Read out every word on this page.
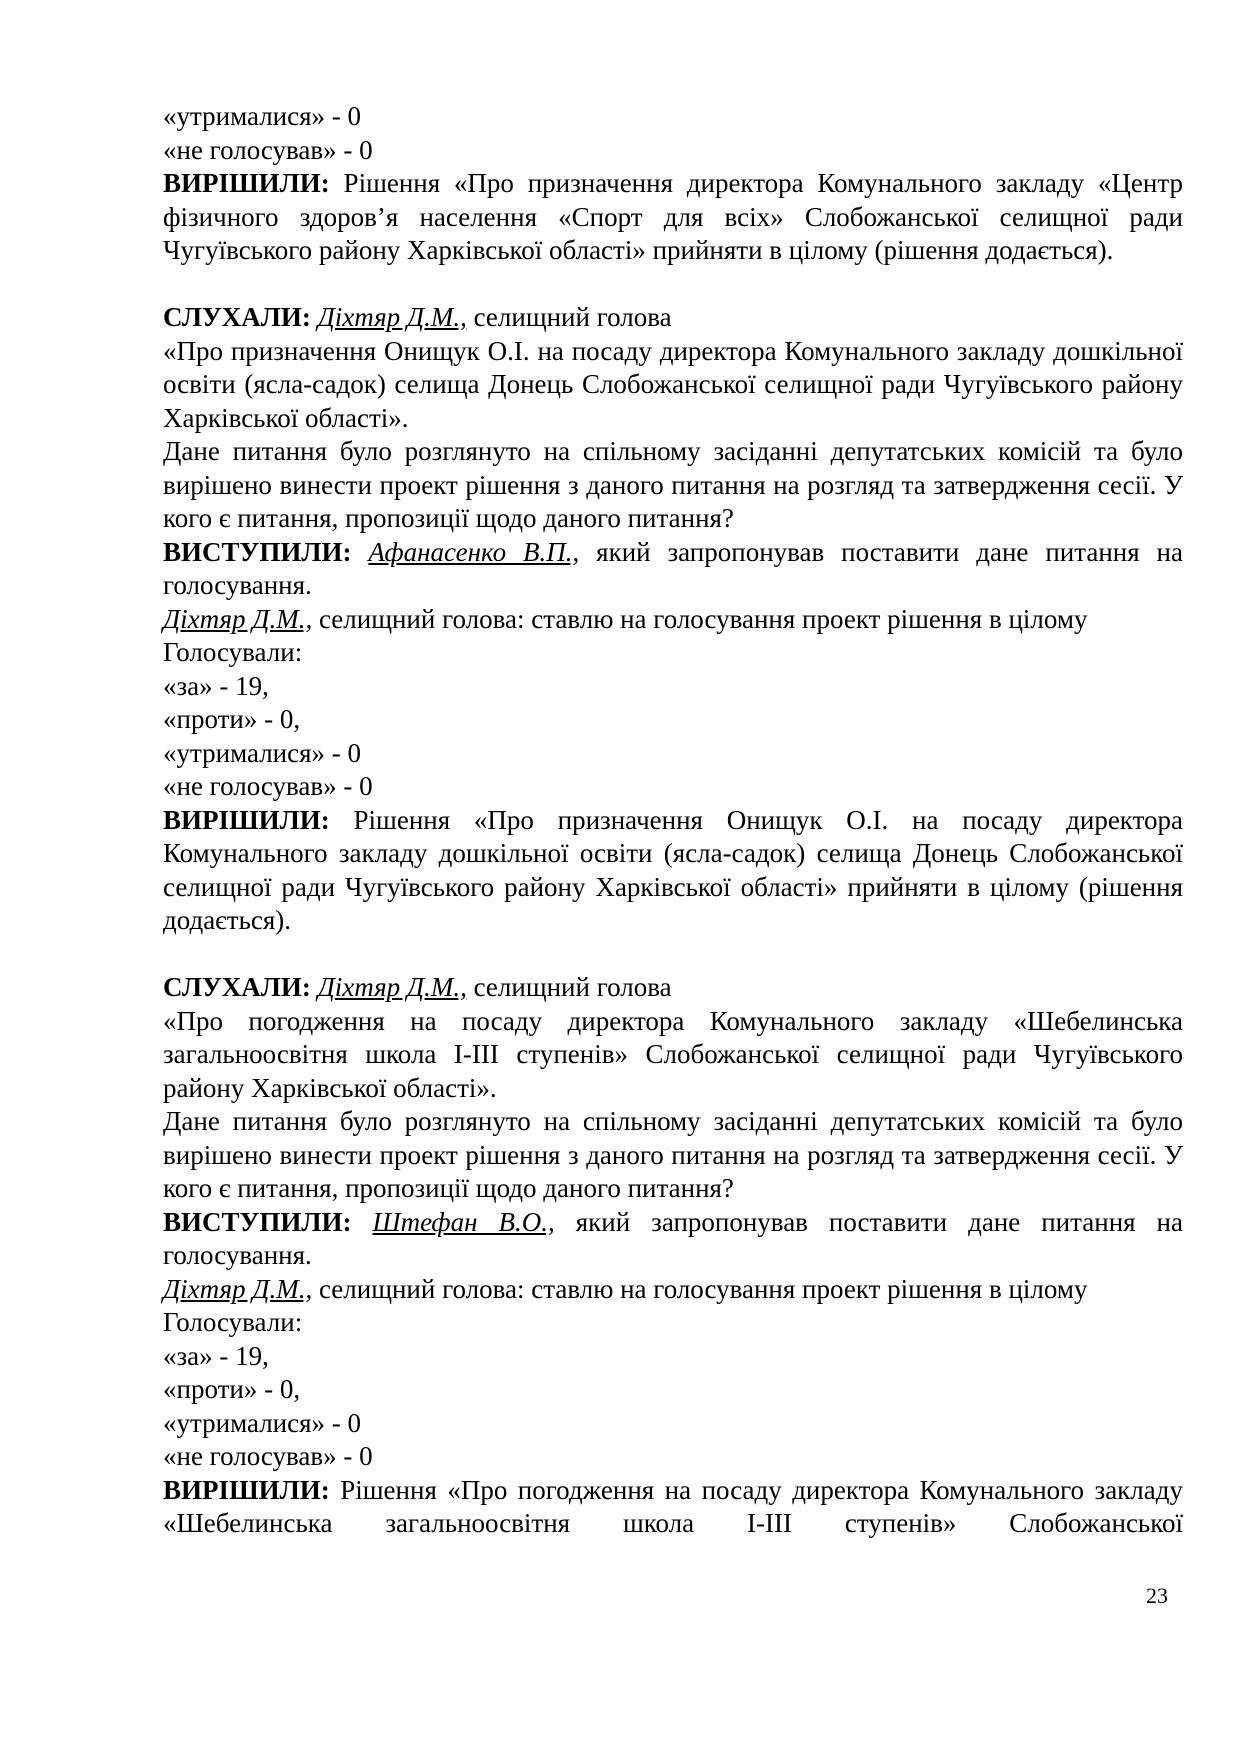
«утрималися» - 0

«не голосував» - 0

ВИРІШИЛИ: Рішення «Про призначення директора Комунального закладу «Центр фізичного здоров’я населення «Спорт для всіх» Слобожанської селищної ради Чугуївського району Харківської області» прийняти в цілому (рішення додається).

СЛУХАЛИ: Діхтяр Д.М., селищний голова

«Про призначення Онищук О.І. на посаду директора Комунального закладу дошкільної освіти (ясла-садок) селища Донець Слобожанської селищної ради Чугуївського району Харківської області».

Дане питання було розглянуто на спільному засіданні депутатських комісій та було вирішено винести проект рішення з даного питання на розгляд та затвердження сесії. У кого є питання, пропозиції щодо даного питання?

ВИСТУПИЛИ: Афанасенко В.П., який запропонував поставити дане питання на голосування.

Діхтяр Д.М., селищний голова: ставлю на голосування проект рішення в цілому

Голосували:

«за» - 19,

«проти» - 0,

«утрималися» - 0

«не голосував» - 0

ВИРІШИЛИ: Рішення «Про призначення Онищук О.І. на посаду директора Комунального закладу дошкільної освіти (ясла-садок) селища Донець Слобожанської селищної ради Чугуївського району Харківської області» прийняти в цілому (рішення додається).

СЛУХАЛИ: Діхтяр Д.М., селищний голова

«Про погодження на посаду директора Комунального закладу «Шебелинська загальноосвітня школа І-ІІІ ступенів» Слобожанської селищної ради Чугуївського району Харківської області».

Дане питання було розглянуто на спільному засіданні депутатських комісій та було вирішено винести проект рішення з даного питання на розгляд та затвердження сесії. У кого є питання, пропозиції щодо даного питання?

ВИСТУПИЛИ: Штефан В.О., який запропонував поставити дане питання на голосування.

Діхтяр Д.М., селищний голова: ставлю на голосування проект рішення в цілому

Голосували:

«за» - 19,

«проти» - 0,

«утрималися» - 0

«не голосував» - 0

ВИРІШИЛИ: Рішення «Про погодження на посаду директора Комунального закладу «Шебелинська загальноосвітня школа І-ІІІ ступенів» Слобожанської

23
